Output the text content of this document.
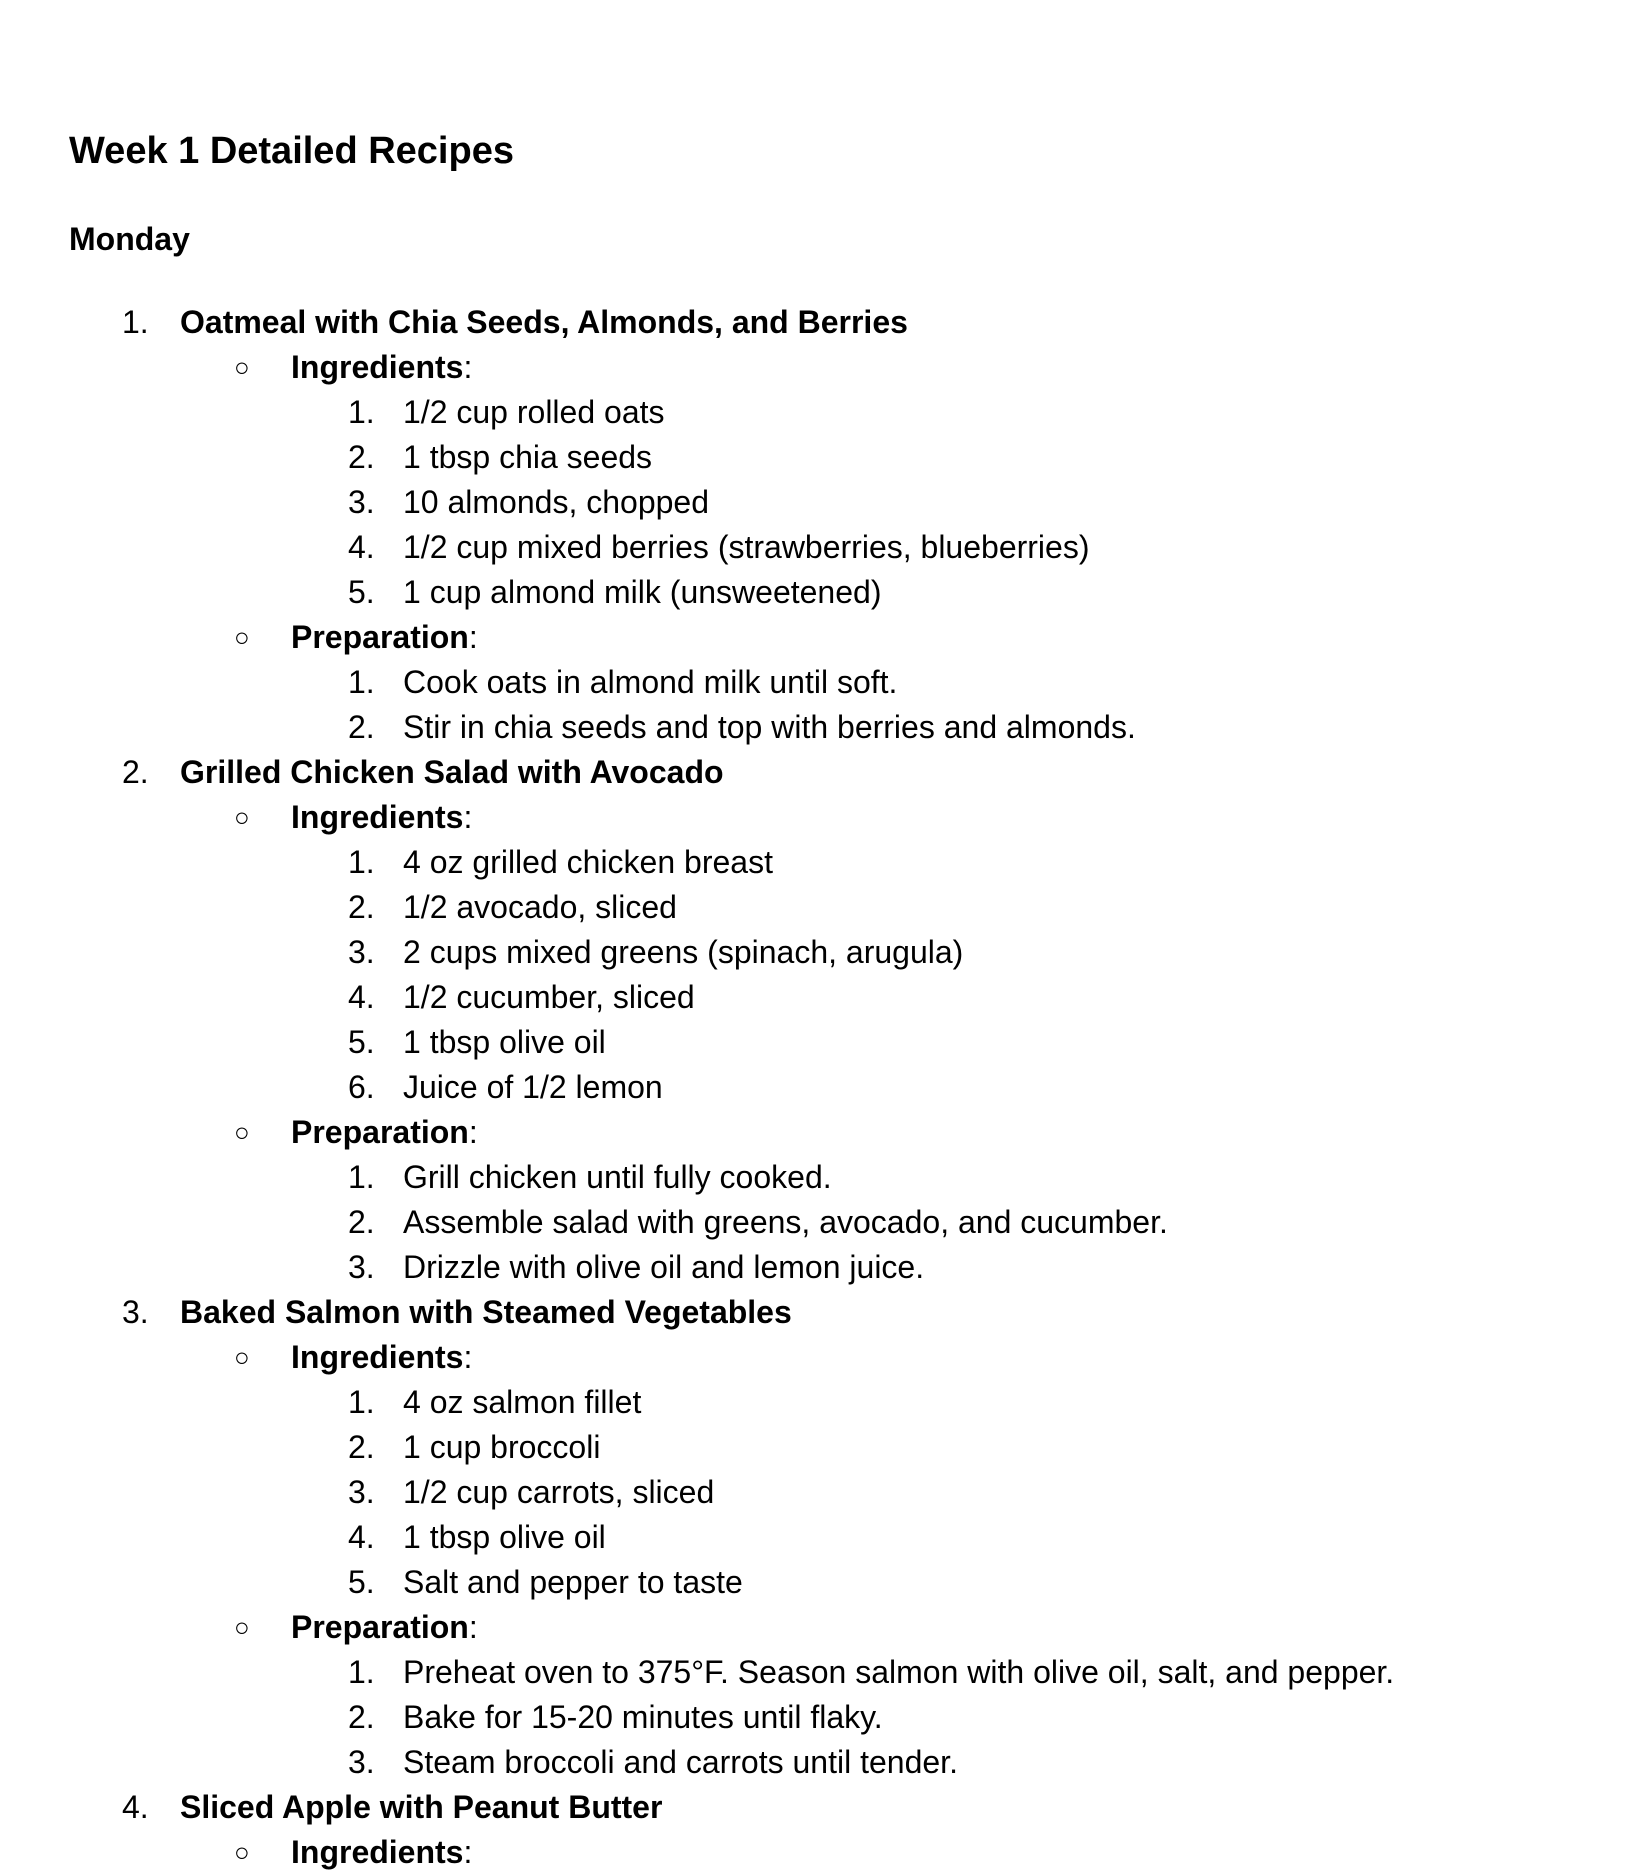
Week 1 Detailed Recipes
Monday
1. Oatmeal with Chia Seeds, Almonds, and Berries
○ Ingredients:
1. 1/2 cup rolled oats
2. 1 tbsp chia seeds
3. 10 almonds, chopped
4. 1/2 cup mixed berries (strawberries, blueberries)
5. 1 cup almond milk (unsweetened)
○ Preparation:
1. Cook oats in almond milk until soft.
2. Stir in chia seeds and top with berries and almonds.
2. Grilled Chicken Salad with Avocado
○ Ingredients:
1. 4 oz grilled chicken breast
2. 1/2 avocado, sliced
3. 2 cups mixed greens (spinach, arugula)
4. 1/2 cucumber, sliced
5. 1 tbsp olive oil
6. Juice of 1/2 lemon
○ Preparation:
1. Grill chicken until fully cooked.
2. Assemble salad with greens, avocado, and cucumber.
3. Drizzle with olive oil and lemon juice.
3. Baked Salmon with Steamed Vegetables
○ Ingredients:
1. 4 oz salmon fillet
2. 1 cup broccoli
3. 1/2 cup carrots, sliced
4. 1 tbsp olive oil
5. Salt and pepper to taste
○ Preparation:
1. Preheat oven to 375°F. Season salmon with olive oil, salt, and pepper.
2. Bake for 15-20 minutes until flaky.
3. Steam broccoli and carrots until tender.
4. Sliced Apple with Peanut Butter
○ Ingredients:
